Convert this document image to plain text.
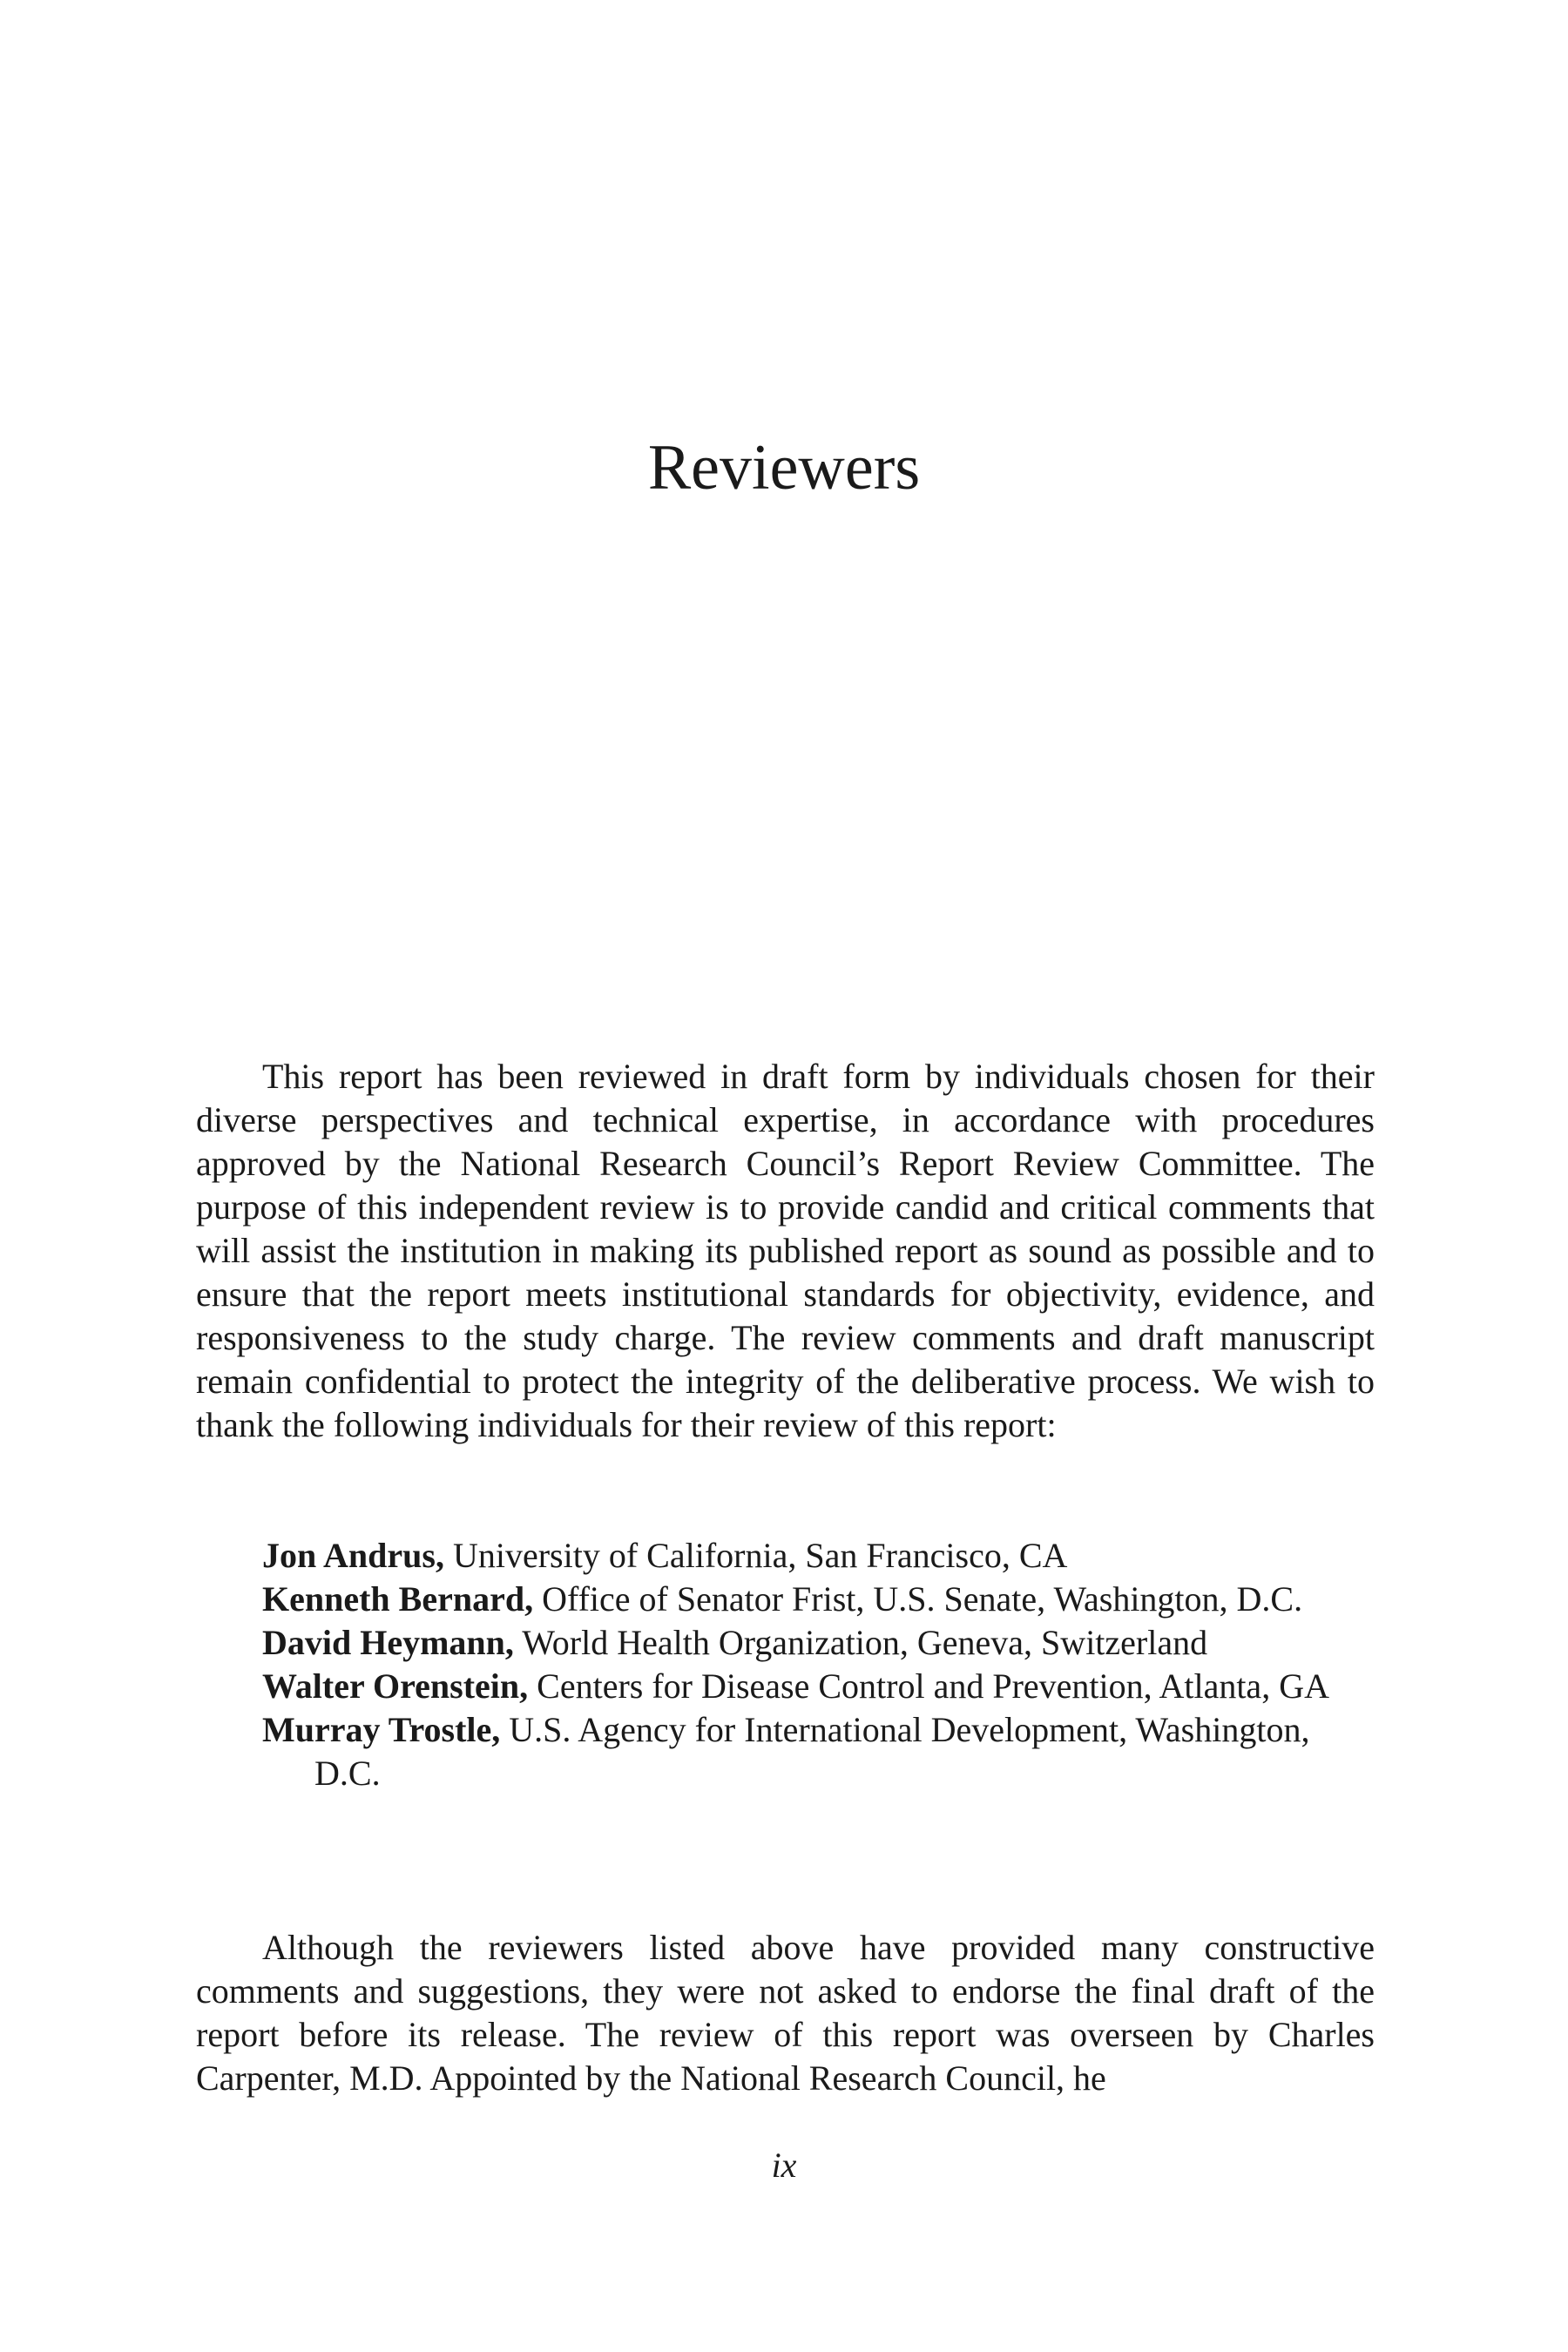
Reviewers

This report has been reviewed in draft form by individuals chosen for their diverse perspectives and technical expertise, in accordance with procedures approved by the National Research Council’s Report Review Committee. The purpose of this independent review is to provide candid and critical comments that will assist the institution in making its published report as sound as possible and to ensure that the report meets institutional standards for objectivity, evidence, and responsiveness to the study charge. The review comments and draft manuscript remain confidential to protect the integrity of the deliberative process. We wish to thank the following individuals for their review of this report:

Jon Andrus, University of California, San Francisco, CA
Kenneth Bernard, Office of Senator Frist, U.S. Senate, Washington, D.C.
David Heymann, World Health Organization, Geneva, Switzerland
Walter Orenstein, Centers for Disease Control and Prevention, Atlanta, GA
Murray Trostle, U.S. Agency for International Development, Washington, D.C.

Although the reviewers listed above have provided many constructive comments and suggestions, they were not asked to endorse the final draft of the report before its release. The review of this report was overseen by Charles Carpenter, M.D. Appointed by the National Research Council, he

ix
